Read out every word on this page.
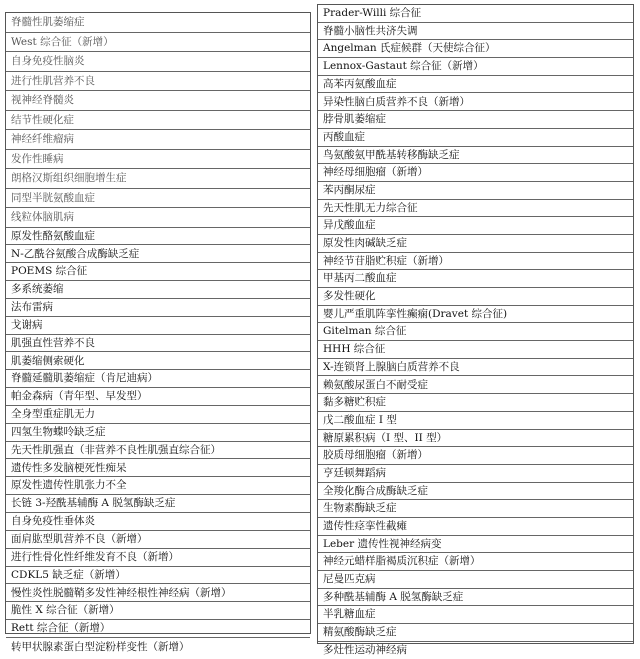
脊髓性肌萎缩症
West 综合征（新增）
自身免疫性脑炎
进行性肌营养不良
视神经脊髓炎
结节性硬化症
神经纤维瘤病
发作性睡病
朗格汉斯组织细胞增生症
同型半胱氨酸血症
线粒体脑肌病
原发性酪氨酸血症
N-乙酰谷氨酸合成酶缺乏症
POEMS 综合征
多系统萎缩
法布雷病
戈谢病
肌强直性营养不良
肌萎缩侧索硬化
脊髓延髓肌萎缩症（肯尼迪病）
帕金森病（青年型、早发型）
全身型重症肌无力
四氢生物蝶呤缺乏症
先天性肌强直（非营养不良性肌强直综合征）
遗传性多发脑梗死性痴呆
原发性遗传性肌张力不全
长链 3-羟酰基辅酶 A 脱氢酶缺乏症
自身免疫性垂体炎
面肩肱型肌营养不良（新增）
进行性骨化性纤维发育不良（新增）
CDKL5 缺乏症（新增）
慢性炎性脱髓鞘多发性神经根性神经病（新增）
脆性 X 综合征（新增）
Rett 综合征（新增）
转甲状腺素蛋白型淀粉样变性（新增）
Prader-Willi 综合征
脊髓小脑性共济失调
Angelman 氏症候群（天使综合征）
Lennox-Gastaut 综合征（新增）
高苯丙氨酸血症
异染性脑白质营养不良（新增）
脖骨肌萎缩症
丙酸血症
鸟氨酸氨甲酰基转移酶缺乏症
神经母细胞瘤（新增）
苯丙酮尿症
先天性肌无力综合征
异戊酸血症
原发性肉碱缺乏症
神经节苷脂贮积症（新增）
甲基丙二酸血症
多发性硬化
婴儿严重肌阵挛性癫痫(Dravet 综合征)
Gitelman 综合征
HHH 综合征
X-连锁肾上腺脑白质营养不良
赖氨酸尿蛋白不耐受症
黏多糖贮积症
戊二酸血症 I 型
糖原累积病（I 型、II 型）
胶质母细胞瘤（新增）
亨廷顿舞蹈病
全羧化酶合成酶缺乏症
生物素酶缺乏症
遗传性痉挛性截瘫
Leber 遗传性视神经病变
神经元蜡样脂褐质沉积症（新增）
尼曼匹克病
多种酰基辅酶 A 脱氢酶缺乏症
半乳糖血症
精氨酸酶缺乏症
多灶性运动神经病
